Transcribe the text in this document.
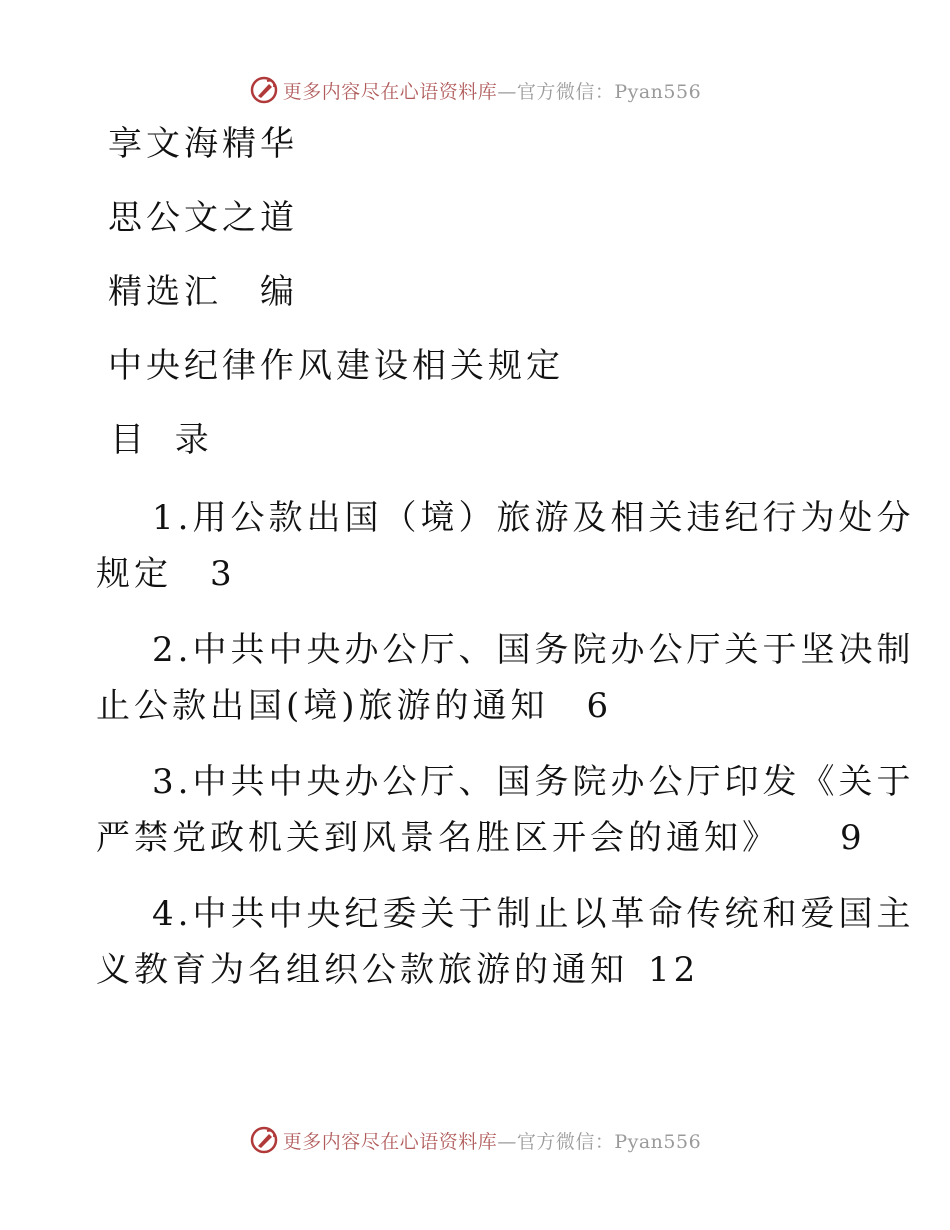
更多内容尽在心语资料库—官方微信：Pyan556
享文海精华
思公文之道
精选汇　编
中央纪律作风建设相关规定
目 录
1.用公款出国（境）旅游及相关违纪行为处分
规定 3
2.中共中央办公厅、国务院办公厅关于坚决制
止公款出国(境)旅游的通知 6
3.中共中央办公厅、国务院办公厅印发《关于
严禁党政机关到风景名胜区开会的通知》 9
4.中共中央纪委关于制止以革命传统和爱国主
义教育为名组织公款旅游的通知 12
更多内容尽在心语资料库—官方微信：Pyan556
